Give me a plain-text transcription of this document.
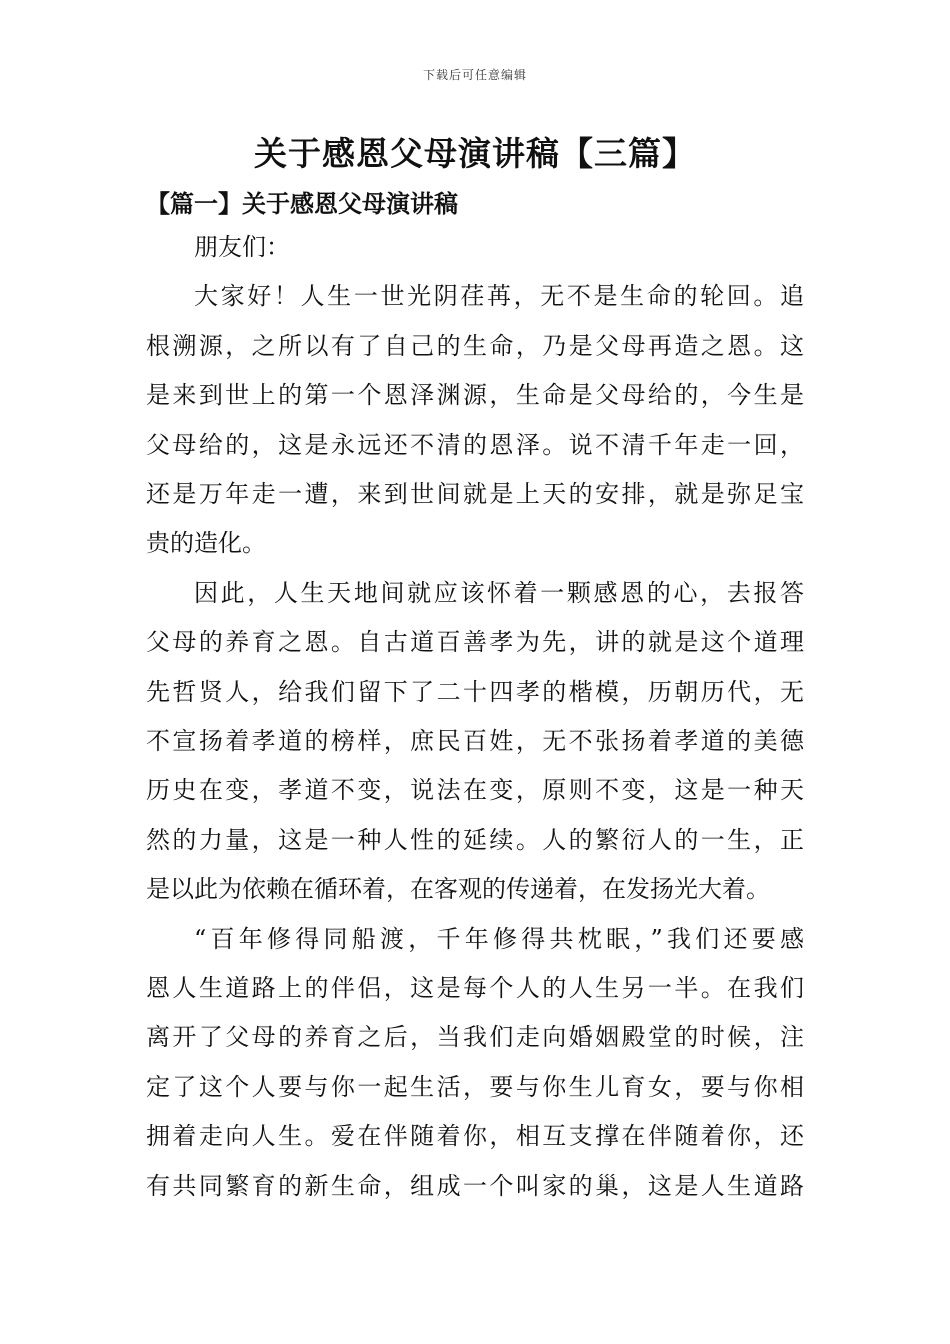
下载后可任意编辑
关于感恩父母演讲稿【三篇】
【篇一】关于感恩父母演讲稿
朋友们：
大家好！人生一世光阴荏苒，无不是生命的轮回。追
根溯源，之所以有了自己的生命，乃是父母再造之恩。这
是来到世上的第一个恩泽渊源，生命是父母给的，今生是
父母给的，这是永远还不清的恩泽。说不清千年走一回，
还是万年走一遭，来到世间就是上天的安排，就是弥足宝
贵的造化。
因此，人生天地间就应该怀着一颗感恩的心，去报答
父母的养育之恩。自古道百善孝为先，讲的就是这个道理
先哲贤人，给我们留下了二十四孝的楷模，历朝历代，无
不宣扬着孝道的榜样，庶民百姓，无不张扬着孝道的美德
历史在变，孝道不变，说法在变，原则不变，这是一种天
然的力量，这是一种人性的延续。人的繁衍人的一生，正
是以此为依赖在循环着，在客观的传递着，在发扬光大着。
“百年修得同船渡，千年修得共枕眠，”我们还要感
恩人生道路上的伴侣，这是每个人的人生另一半。在我们
离开了父母的养育之后，当我们走向婚姻殿堂的时候，注
定了这个人要与你一起生活，要与你生儿育女，要与你相
拥着走向人生。爱在伴随着你，相互支撑在伴随着你，还
有共同繁育的新生命，组成一个叫家的巢，这是人生道路
